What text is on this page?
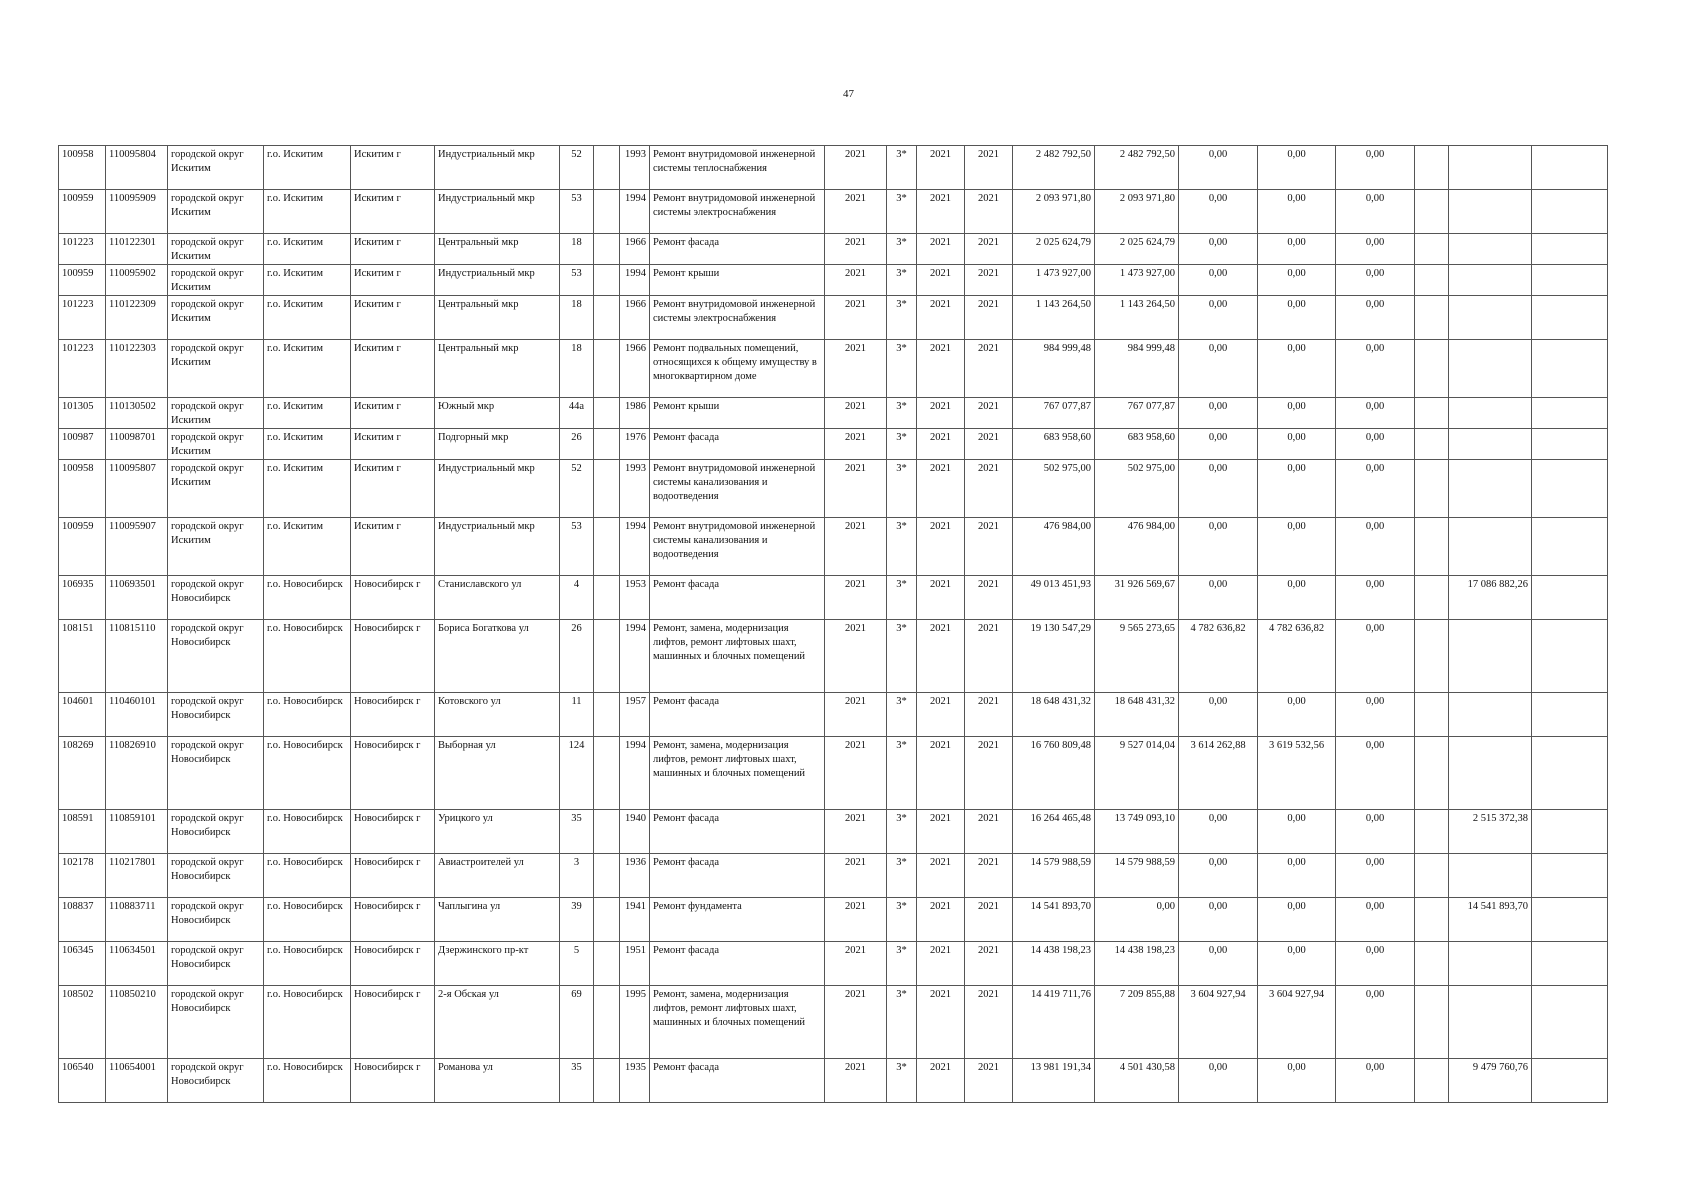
47
100958	110095804	городской округ Искитим	г.о. Искитим	Искитим г	Индустриальный мкр	52		1993	Ремонт внутридомовой инженерной системы теплоснабжения	2021	3*	2021	2021	2 482 792,50	2 482 792,50	0,00	0,00	0,00			
100959	110095909	городской округ Искитим	г.о. Искитим	Искитим г	Индустриальный мкр	53		1994	Ремонт внутридомовой инженерной системы электроснабжения	2021	3*	2021	2021	2 093 971,80	2 093 971,80	0,00	0,00	0,00			
101223	110122301	городской округ Искитим	г.о. Искитим	Искитим г	Центральный мкр	18		1966	Ремонт фасада	2021	3*	2021	2021	2 025 624,79	2 025 624,79	0,00	0,00	0,00			
100959	110095902	городской округ Искитим	г.о. Искитим	Искитим г	Индустриальный мкр	53		1994	Ремонт крыши	2021	3*	2021	2021	1 473 927,00	1 473 927,00	0,00	0,00	0,00			
101223	110122309	городской округ Искитим	г.о. Искитим	Искитим г	Центральный мкр	18		1966	Ремонт внутридомовой инженерной системы электроснабжения	2021	3*	2021	2021	1 143 264,50	1 143 264,50	0,00	0,00	0,00			
101223	110122303	городской округ Искитим	г.о. Искитим	Искитим г	Центральный мкр	18		1966	Ремонт подвальных помещений, относящихся к общему имуществу в многоквартирном доме	2021	3*	2021	2021	984 999,48	984 999,48	0,00	0,00	0,00			
101305	110130502	городской округ Искитим	г.о. Искитим	Искитим г	Южный мкр	44а		1986	Ремонт крыши	2021	3*	2021	2021	767 077,87	767 077,87	0,00	0,00	0,00			
100987	110098701	городской округ Искитим	г.о. Искитим	Искитим г	Подгорный мкр	26		1976	Ремонт фасада	2021	3*	2021	2021	683 958,60	683 958,60	0,00	0,00	0,00			
100958	110095807	городской округ Искитим	г.о. Искитим	Искитим г	Индустриальный мкр	52		1993	Ремонт внутридомовой инженерной системы канализования и водоотведения	2021	3*	2021	2021	502 975,00	502 975,00	0,00	0,00	0,00			
100959	110095907	городской округ Искитим	г.о. Искитим	Искитим г	Индустриальный мкр	53		1994	Ремонт внутридомовой инженерной системы канализования и водоотведения	2021	3*	2021	2021	476 984,00	476 984,00	0,00	0,00	0,00			
106935	110693501	городской округ Новосибирск	г.о. Новосибирск	Новосибирск г	Станиславского ул	4		1953	Ремонт фасада	2021	3*	2021	2021	49 013 451,93	31 926 569,67	0,00	0,00	0,00		17 086 882,26	
108151	110815110	городской округ Новосибирск	г.о. Новосибирск	Новосибирск г	Бориса Богаткова ул	26		1994	Ремонт, замена, модернизация лифтов, ремонт лифтовых шахт, машинных и блочных помещений	2021	3*	2021	2021	19 130 547,29	9 565 273,65	4 782 636,82	4 782 636,82	0,00			
104601	110460101	городской округ Новосибирск	г.о. Новосибирск	Новосибирск г	Котовского ул	11		1957	Ремонт фасада	2021	3*	2021	2021	18 648 431,32	18 648 431,32	0,00	0,00	0,00			
108269	110826910	городской округ Новосибирск	г.о. Новосибирск	Новосибирск г	Выборная ул	124		1994	Ремонт, замена, модернизация лифтов, ремонт лифтовых шахт, машинных и блочных помещений	2021	3*	2021	2021	16 760 809,48	9 527 014,04	3 614 262,88	3 619 532,56	0,00			
108591	110859101	городской округ Новосибирск	г.о. Новосибирск	Новосибирск г	Урицкого ул	35		1940	Ремонт фасада	2021	3*	2021	2021	16 264 465,48	13 749 093,10	0,00	0,00	0,00		2 515 372,38	
102178	110217801	городской округ Новосибирск	г.о. Новосибирск	Новосибирск г	Авиастроителей ул	3		1936	Ремонт фасада	2021	3*	2021	2021	14 579 988,59	14 579 988,59	0,00	0,00	0,00			
108837	110883711	городской округ Новосибирск	г.о. Новосибирск	Новосибирск г	Чаплыгина ул	39		1941	Ремонт фундамента	2021	3*	2021	2021	14 541 893,70	0,00	0,00	0,00	0,00		14 541 893,70	
106345	110634501	городской округ Новосибирск	г.о. Новосибирск	Новосибирск г	Дзержинского пр-кт	5		1951	Ремонт фасада	2021	3*	2021	2021	14 438 198,23	14 438 198,23	0,00	0,00	0,00			
108502	110850210	городской округ Новосибирск	г.о. Новосибирск	Новосибирск г	2-я Обская ул	69		1995	Ремонт, замена, модернизация лифтов, ремонт лифтовых шахт, машинных и блочных помещений	2021	3*	2021	2021	14 419 711,76	7 209 855,88	3 604 927,94	3 604 927,94	0,00			
106540	110654001	городской округ Новосибирск	г.о. Новосибирск	Новосибирск г	Романова ул	35		1935	Ремонт фасада	2021	3*	2021	2021	13 981 191,34	4 501 430,58	0,00	0,00	0,00		9 479 760,76	
